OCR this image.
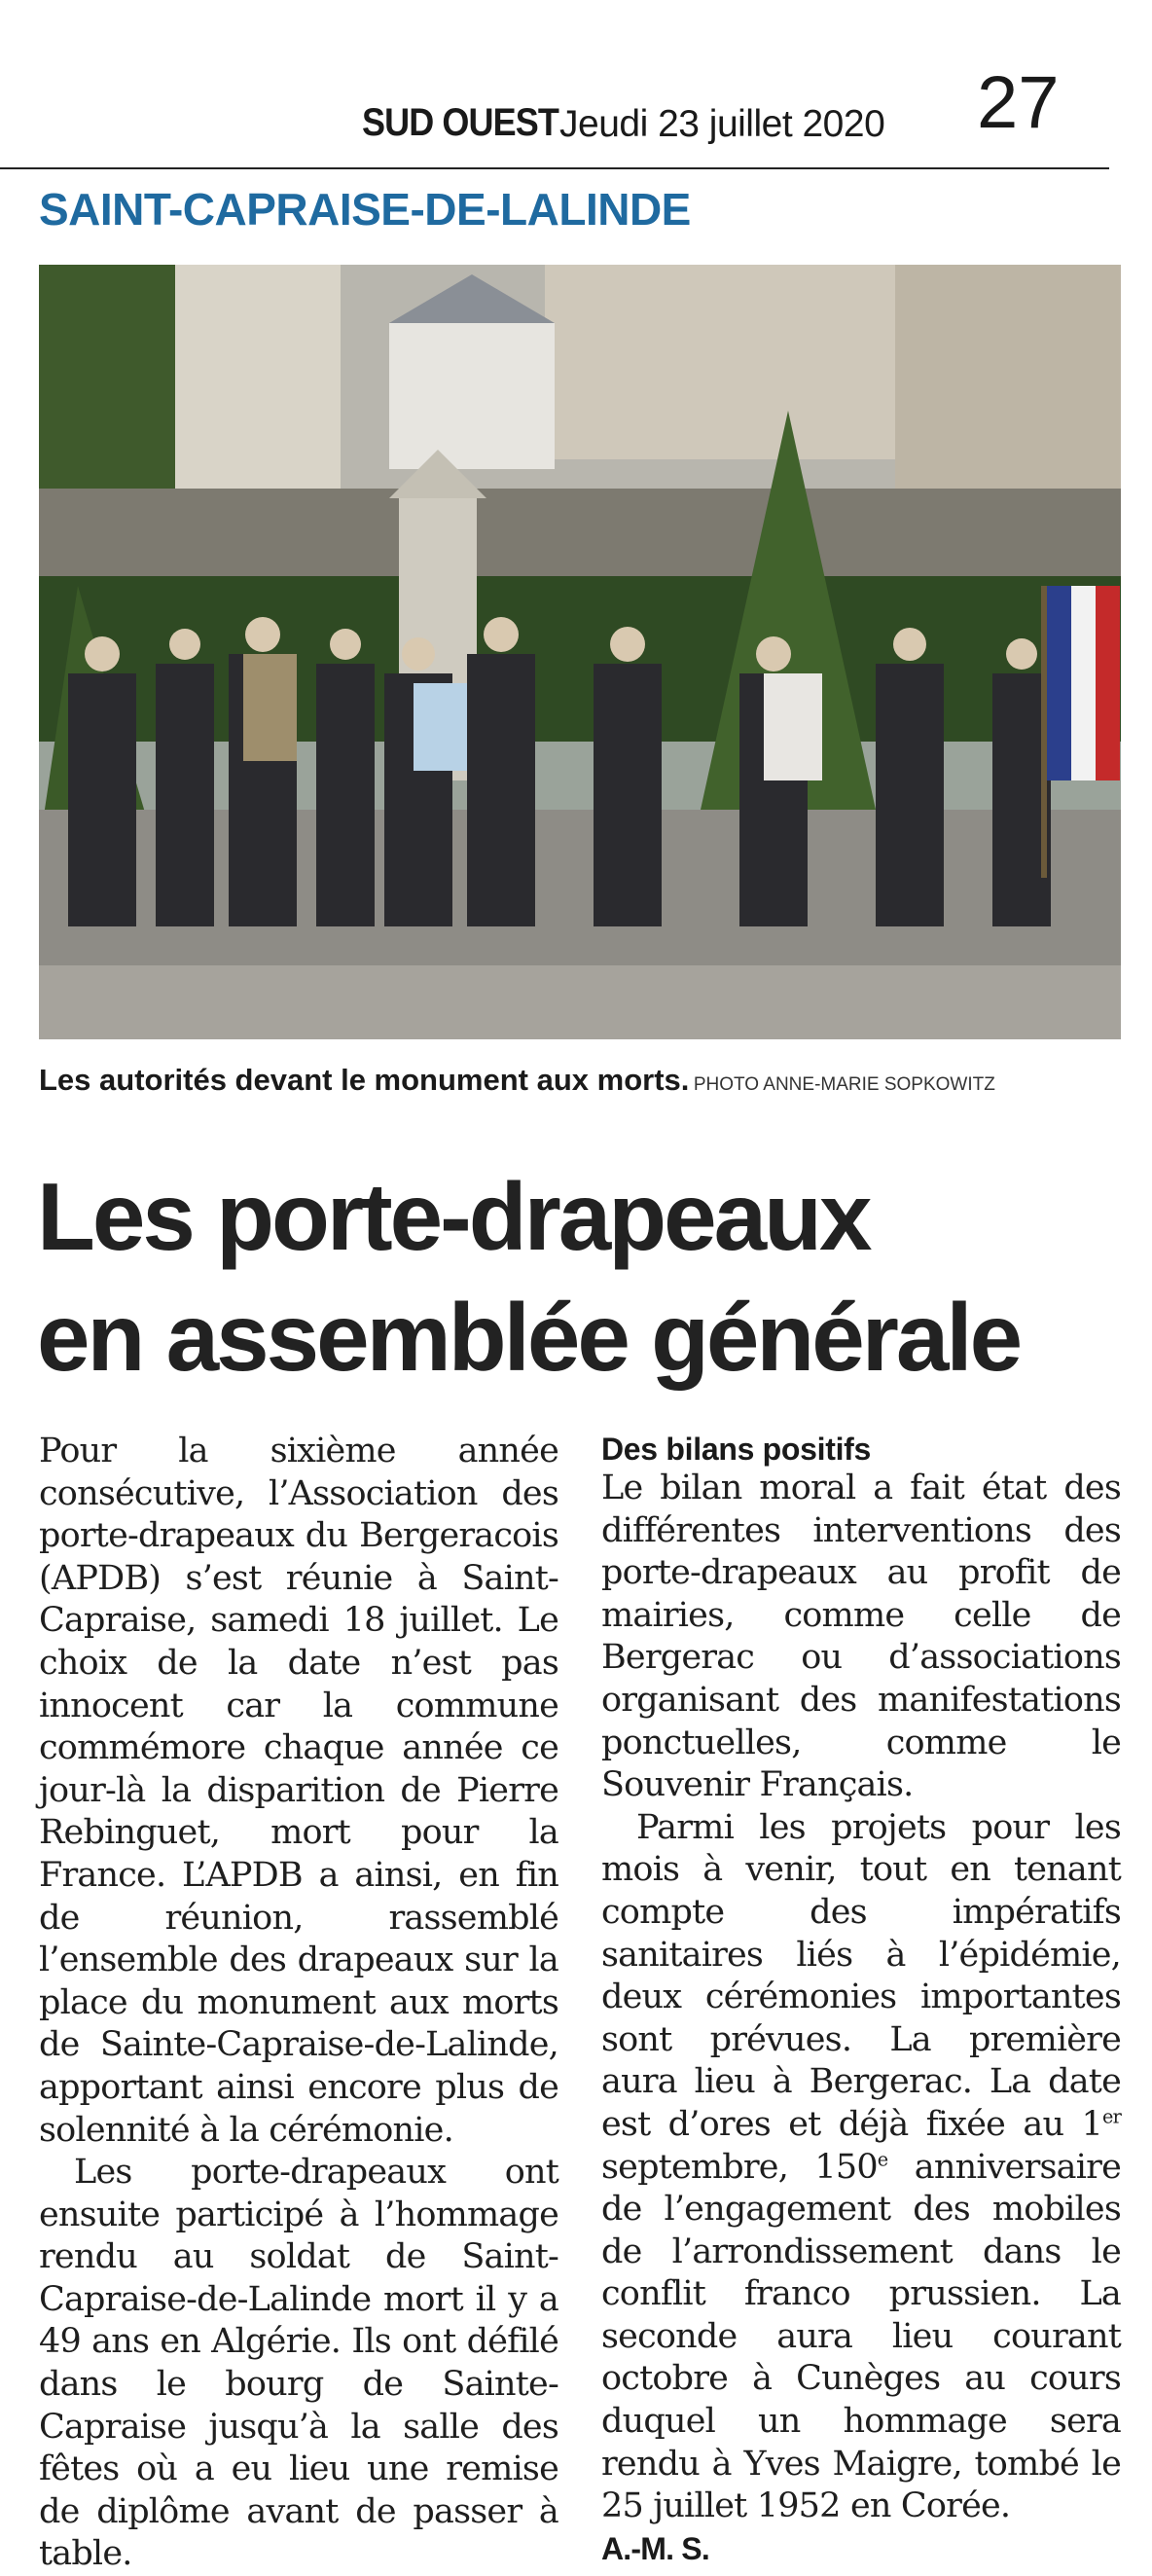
SUD OUEST Jeudi 23 juillet 2020 27
SAINT-CAPRAISE-DE-LALINDE
Les autorités devant le monument aux morts. PHOTO ANNE-MARIE SOPKOWITZ
Les porte-drapeaux
en assemblée générale

Pour la sixième année consécutive, l’Association des porte-drapeaux du Bergeracois (APDB) s’est réunie à Saint-Capraise, samedi 18 juillet. Le choix de la date n’est pas innocent car la commune commémore chaque année ce jour-là la disparition de Pierre Rebinguet, mort pour la France. L’APDB a ainsi, en fin de réunion, rassemblé l’ensemble des drapeaux sur la place du monument aux morts de Sainte-Capraise-de-Lalinde, apportant ainsi encore plus de solennité à la cérémonie.

Les porte-drapeaux ont ensuite participé à l’hommage rendu au soldat de Saint-Capraise-de-Lalinde mort il y a 49 ans en Algérie. Ils ont défilé dans le bourg de Sainte-Capraise jusqu’à la salle des fêtes où a eu lieu une remise de diplôme avant de passer à table.

Des bilans positifs

Le bilan moral a fait état des différentes interventions des porte-drapeaux au profit de mairies, comme celle de Bergerac ou d’associations organisant des manifestations ponctuelles, comme le Souvenir Français.

Parmi les projets pour les mois à venir, tout en tenant compte des impératifs sanitaires liés à l’épidémie, deux cérémonies importantes sont prévues. La première aura lieu à Bergerac. La date est d’ores et déjà fixée au 1er septembre, 150e anniversaire de l’engagement des mobiles de l’arrondissement dans le conflit franco prussien. La seconde aura lieu courant octobre à Cunèges au cours duquel un hommage sera rendu à Yves Maigre, tombé le 25 juillet 1952 en Corée.

A.-M. S.
